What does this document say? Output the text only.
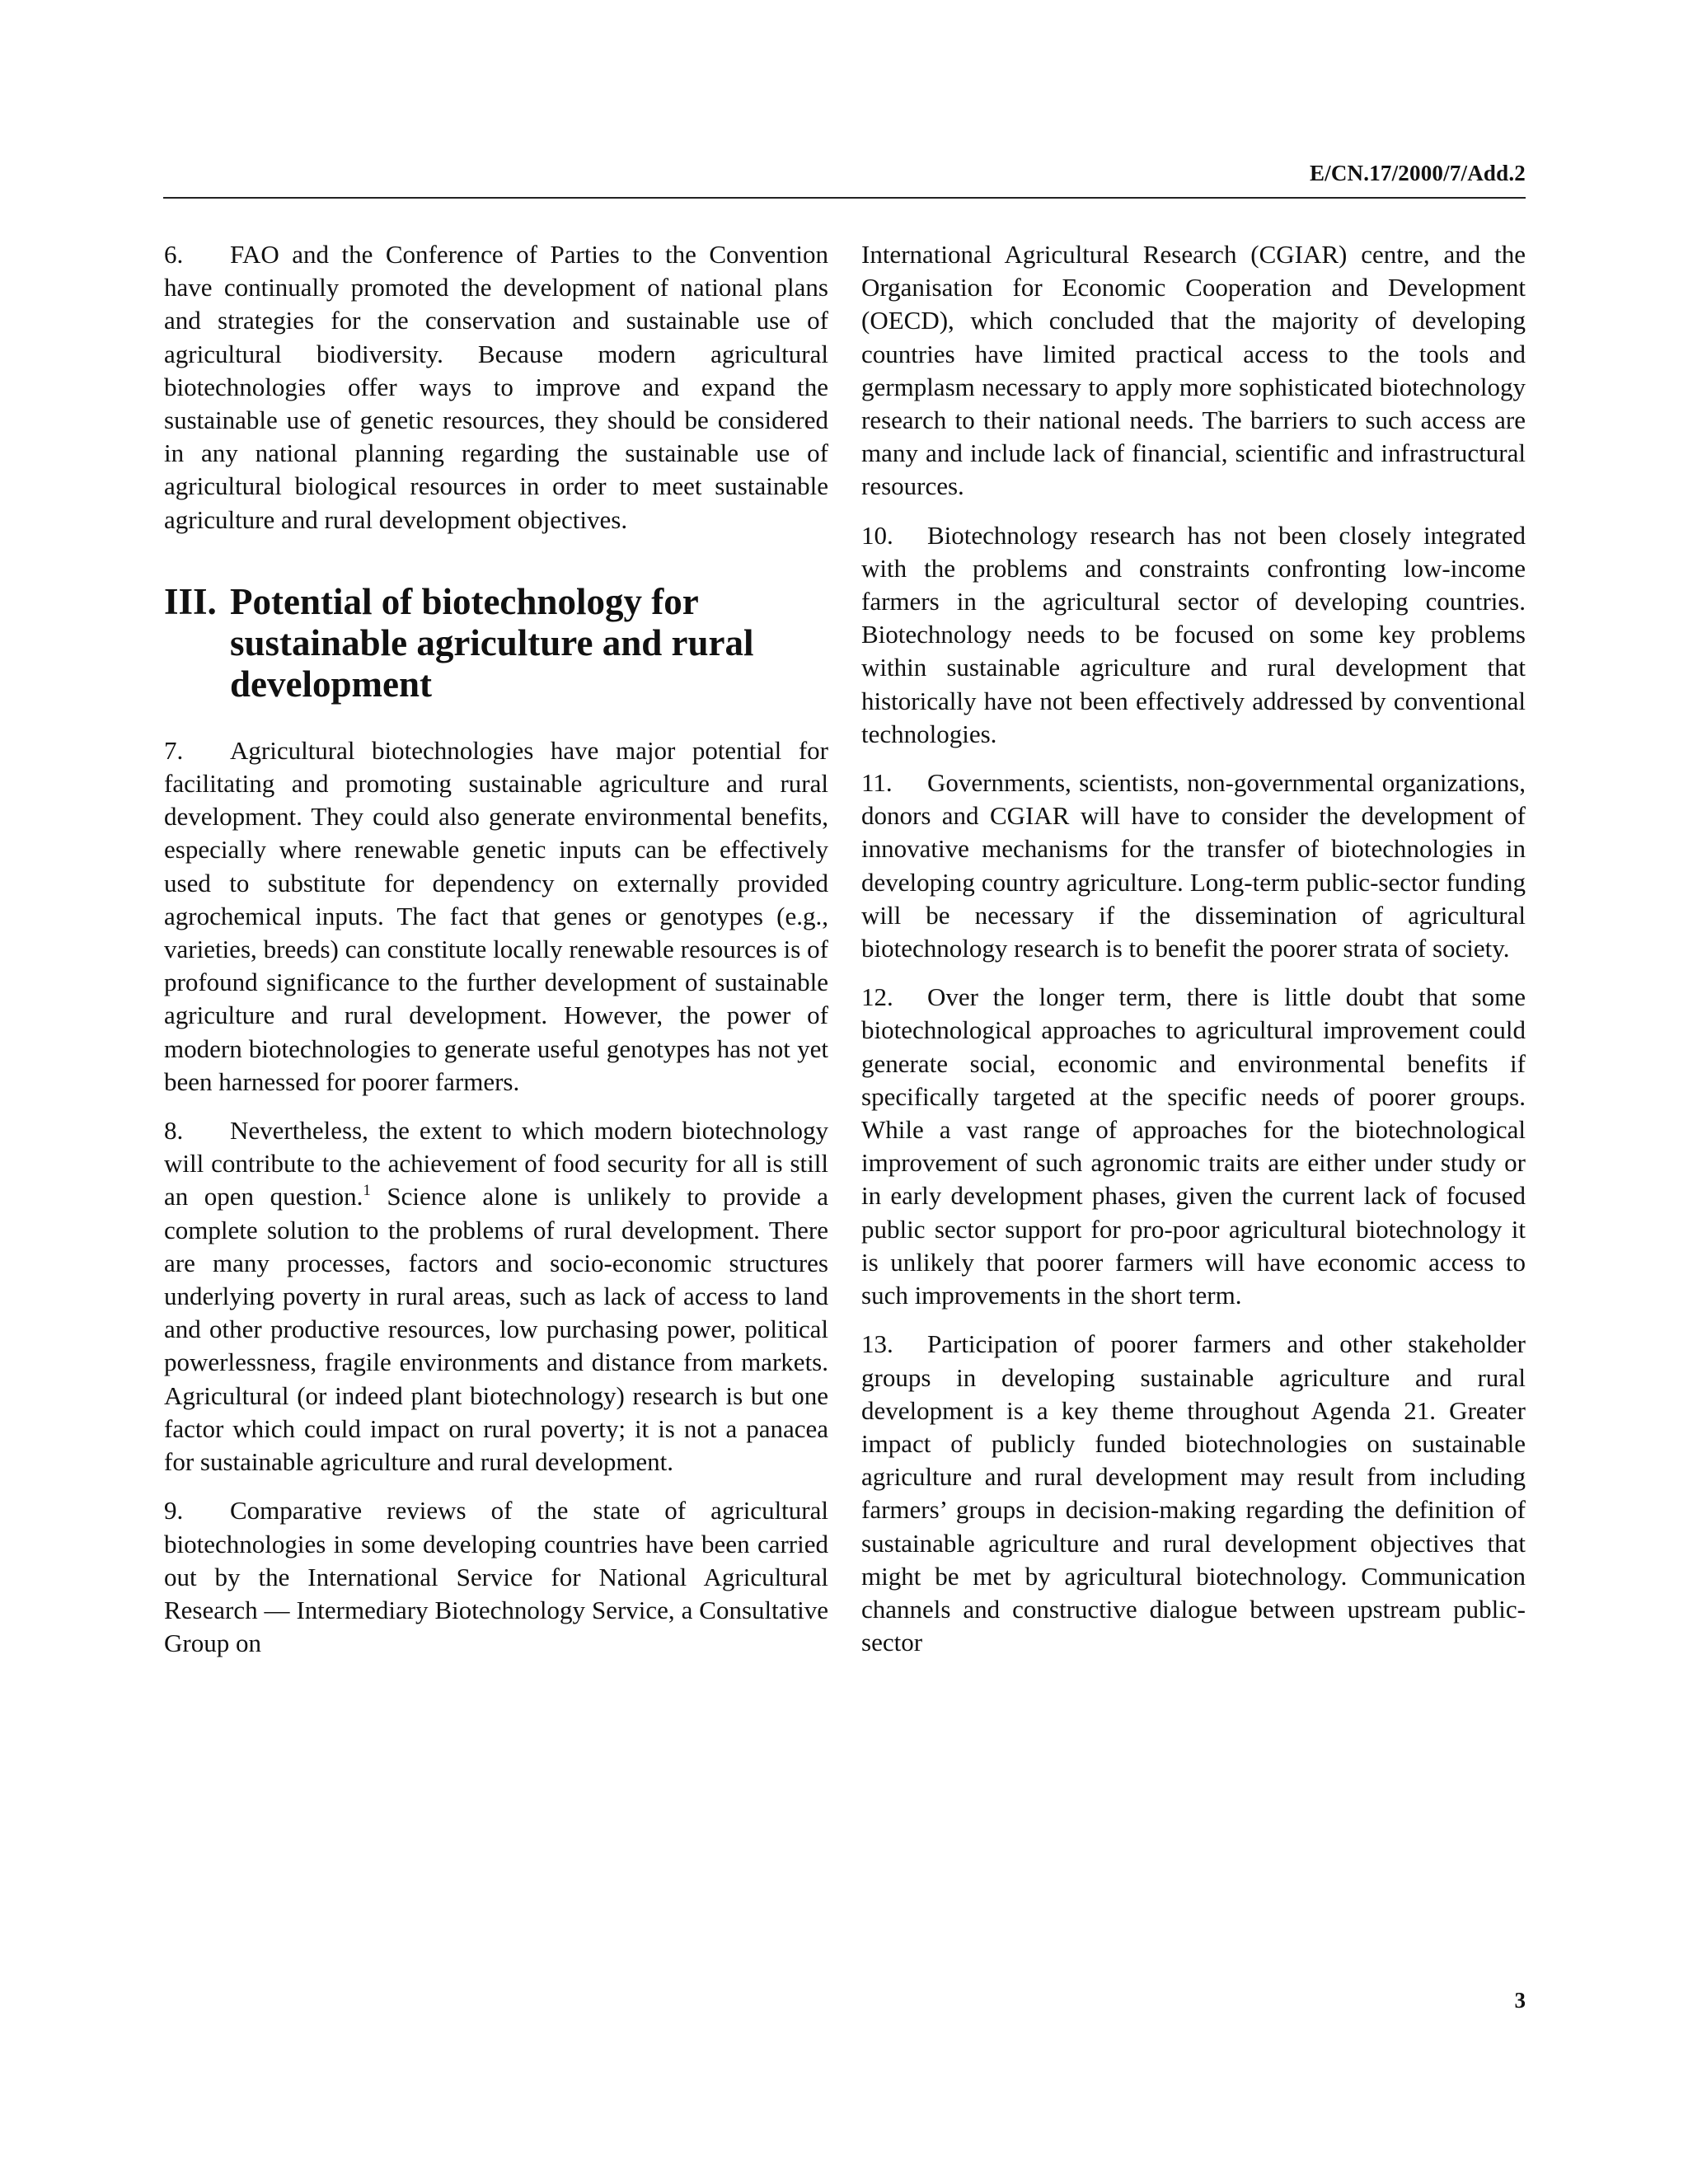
E/CN.17/2000/7/Add.2

6. FAO and the Conference of Parties to the Convention have continually promoted the development of national plans and strategies for the conservation and sustainable use of agricultural biodiversity. Because modern agricultural biotechnologies offer ways to improve and expand the sustainable use of genetic resources, they should be considered in any national planning regarding the sustainable use of agricultural biological resources in order to meet sustainable agriculture and rural development objectives.

III. Potential of biotechnology for sustainable agriculture and rural development

7. Agricultural biotechnologies have major potential for facilitating and promoting sustainable agriculture and rural development. They could also generate environmental benefits, especially where renewable genetic inputs can be effectively used to substitute for dependency on externally provided agrochemical inputs. The fact that genes or genotypes (e.g., varieties, breeds) can constitute locally renewable resources is of profound significance to the further development of sustainable agriculture and rural development. However, the power of modern biotechnologies to generate useful genotypes has not yet been harnessed for poorer farmers.

8. Nevertheless, the extent to which modern biotechnology will contribute to the achievement of food security for all is still an open question.$^1$ Science alone is unlikely to provide a complete solution to the problems of rural development. There are many processes, factors and socio-economic structures underlying poverty in rural areas, such as lack of access to land and other productive resources, low purchasing power, political powerlessness, fragile environments and distance from markets. Agricultural (or indeed plant biotechnology) research is but one factor which could impact on rural poverty; it is not a panacea for sustainable agriculture and rural development.

9. Comparative reviews of the state of agricultural biotechnologies in some developing countries have been carried out by the International Service for National Agricultural Research — Intermediary Biotechnology Service, a Consultative Group on

International Agricultural Research (CGIAR) centre, and the Organisation for Economic Cooperation and Development (OECD), which concluded that the majority of developing countries have limited practical access to the tools and germplasm necessary to apply more sophisticated biotechnology research to their national needs. The barriers to such access are many and include lack of financial, scientific and infrastructural resources.

10. Biotechnology research has not been closely integrated with the problems and constraints confronting low-income farmers in the agricultural sector of developing countries. Biotechnology needs to be focused on some key problems within sustainable agriculture and rural development that historically have not been effectively addressed by conventional technologies.

11. Governments, scientists, non-governmental organizations, donors and CGIAR will have to consider the development of innovative mechanisms for the transfer of biotechnologies in developing country agriculture. Long-term public-sector funding will be necessary if the dissemination of agricultural biotechnology research is to benefit the poorer strata of society.

12. Over the longer term, there is little doubt that some biotechnological approaches to agricultural improvement could generate social, economic and environmental benefits if specifically targeted at the specific needs of poorer groups. While a vast range of approaches for the biotechnological improvement of such agronomic traits are either under study or in early development phases, given the current lack of focused public sector support for pro-poor agricultural biotechnology it is unlikely that poorer farmers will have economic access to such improvements in the short term.

13. Participation of poorer farmers and other stakeholder groups in developing sustainable agriculture and rural development is a key theme throughout Agenda 21. Greater impact of publicly funded biotechnologies on sustainable agriculture and rural development may result from including farmers’ groups in decision-making regarding the definition of sustainable agriculture and rural development objectives that might be met by agricultural biotechnology. Communication channels and constructive dialogue between upstream public-sector

3
